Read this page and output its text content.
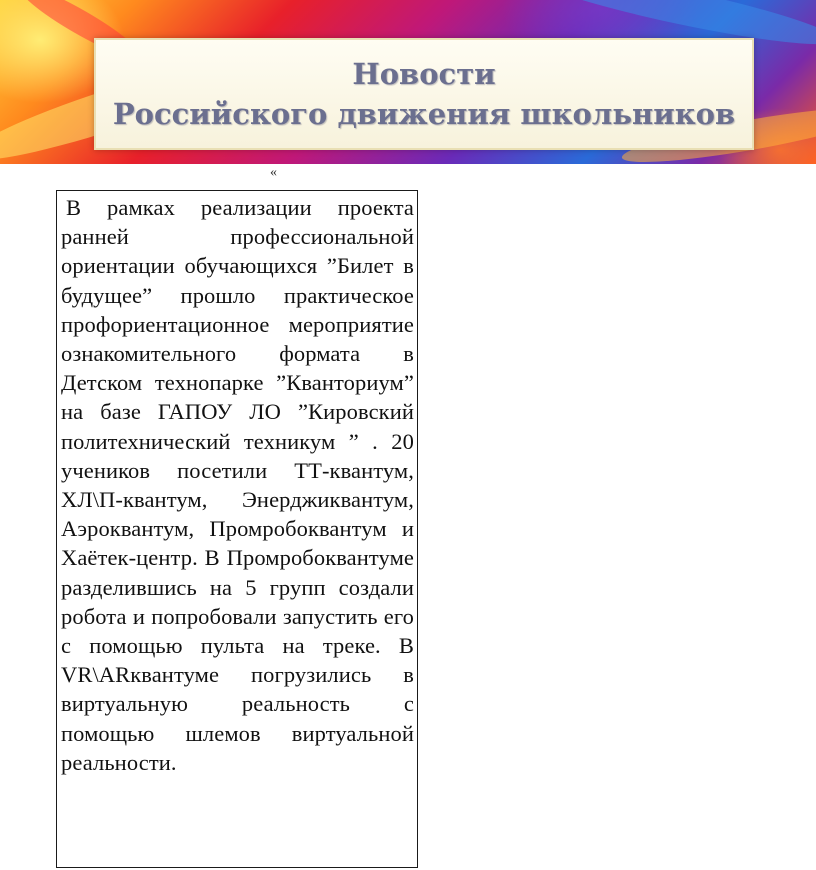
Новости
Российского движения школьников
«

В рамках реализации проекта ранней профессиональной ориентации обучающихся ”Билет в будущее” прошло практическое профориентационное мероприятие ознакомительного формата в Детском технопарке ”Кванториум” на базе ГАПОУ ЛО ”Кировский политехнический техникум ” . 20 учеников посетили ТТ-квантум, ХЛ\П-квантум, Энерджиквантум, Аэроквантум, Промробоквантум и Хаётек-центр. В Промробоквантуме разделившись на 5 групп создали робота и попробовали запустить его с помощью пульта на треке. В VR\ARквантуме погрузились в виртуальную реальность с помощью шлемов виртуальной реальности.
